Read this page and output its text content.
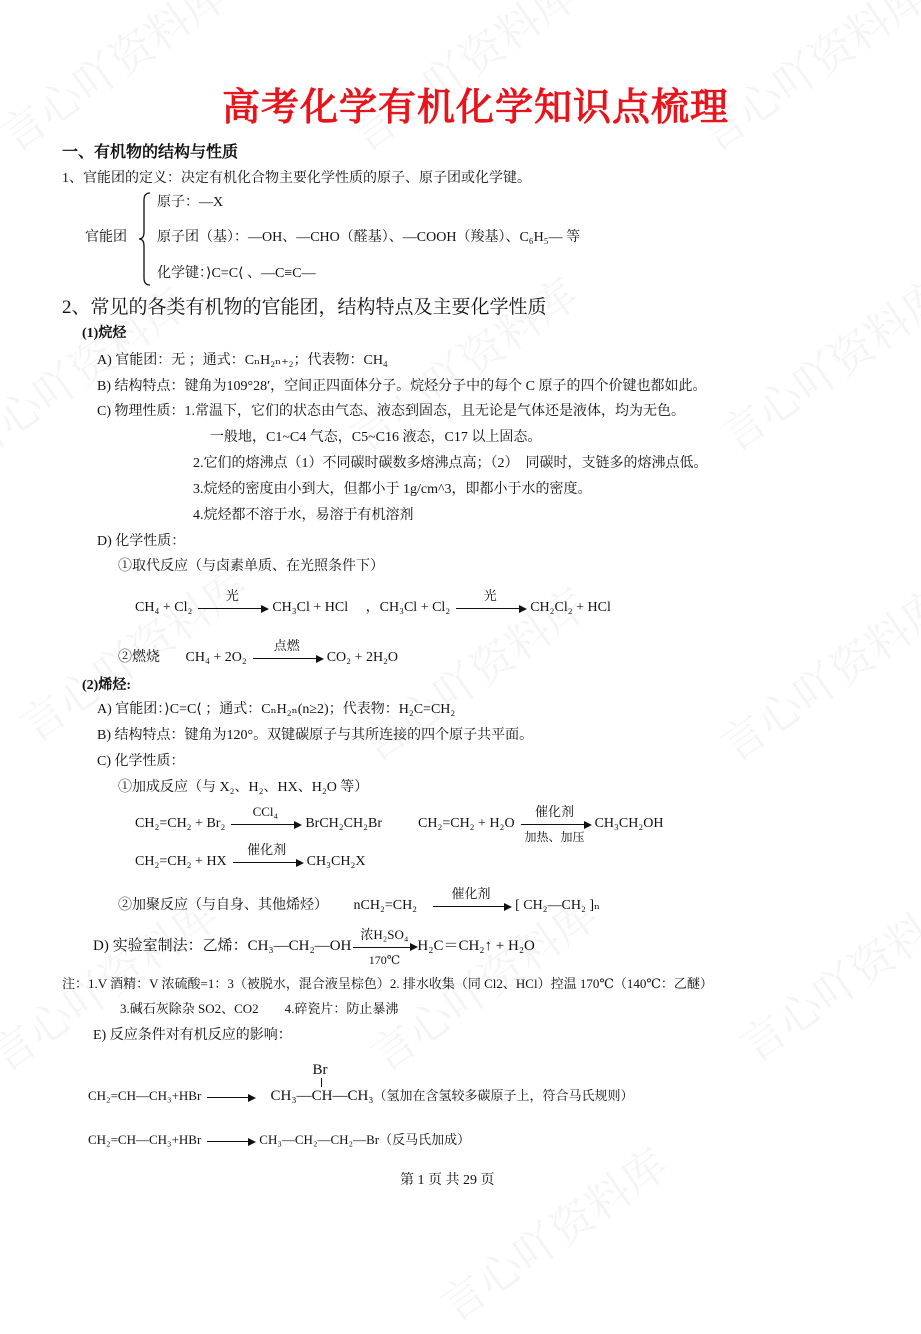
高考化学有机化学知识点梳理
一、有机物的结构与性质
1、官能团的定义：决定有机化合物主要化学性质的原子、原子团或化学键。
官能团
原子：—X
原子团（基）：—OH、—CHO（醛基）、—COOH（羧基）、C₆H₅— 等
化学键：⟩C=C⟨ 、—C≡C—
2、常见的各类有机物的官能团，结构特点及主要化学性质
(1)烷烃
A) 官能团：无 ；通式：CₙH₂ₙ₊₂；代表物：CH₄
B) 结构特点：键角为109°28′，空间正四面体分子。烷烃分子中的每个 C 原子的四个价键也都如此。
C) 物理性质：1.常温下，它们的状态由气态、液态到固态，且无论是气体还是液体，均为无色。
一般地，C1~C4 气态，C5~C16 液态，C17 以上固态。
2.它们的熔沸点（1）不同碳时碳数多熔沸点高；（2）　同碳时，支链多的熔沸点低。
3.烷烃的密度由小到大，但都小于 1g/cm^3，即都小于水的密度。
4.烷烃都不溶于水，易溶于有机溶剂
D) 化学性质：
①取代反应（与卤素单质、在光照条件下）
CH₄ + Cl₂
光
CH₃Cl + HCl ，CH₃Cl + Cl₂
光
CH₂Cl₂ + HCl
②燃烧 CH₄ + 2O₂
点燃
CO₂ + 2H₂O
(2)烯烃:
A) 官能团：⟩C=C⟨ ；通式：CₙH₂ₙ(n≥2)；代表物：H₂C=CH₂
B) 结构特点：键角为120°。双键碳原子与其所连接的四个原子共平面。
C) 化学性质：
①加成反应（与 X₂、H₂、HX、H₂O 等）
CH₂=CH₂ + Br₂
CCl₄
BrCH₂CH₂Br	CH₂=CH₂ + H₂O
催化剂
加热、加压
CH₃CH₂OH
CH₂=CH₂ + HX
催化剂
CH₃CH₂X
②加聚反应（与自身、其他烯烃） nCH₂=CH₂
催化剂
[ CH₂—CH₂ ]ₙ
D) 实验室制法：乙烯：CH₃—CH₂—OH
浓H₂SO₄
170℃
H₂C＝CH₂↑ + H₂O
注：1.V 酒精：V 浓硫酸=1：3（被脱水，混合液呈棕色）2. 排水收集（同 Cl2、HCl）控温 170℃（140℃：乙醚）
3.碱石灰除杂 SO2、CO2　　4.碎瓷片：防止暴沸
E) 反应条件对有机反应的影响：
CH₂=CH—CH₃+HBr →
Br
CH₃—CH—CH₃（氢加在含氢较多碳原子上，符合马氏规则）
CH₂=CH—CH₃+HBr → CH₃—CH₂—CH₂—Br（反马氏加成）
第 1 页 共 29 页
